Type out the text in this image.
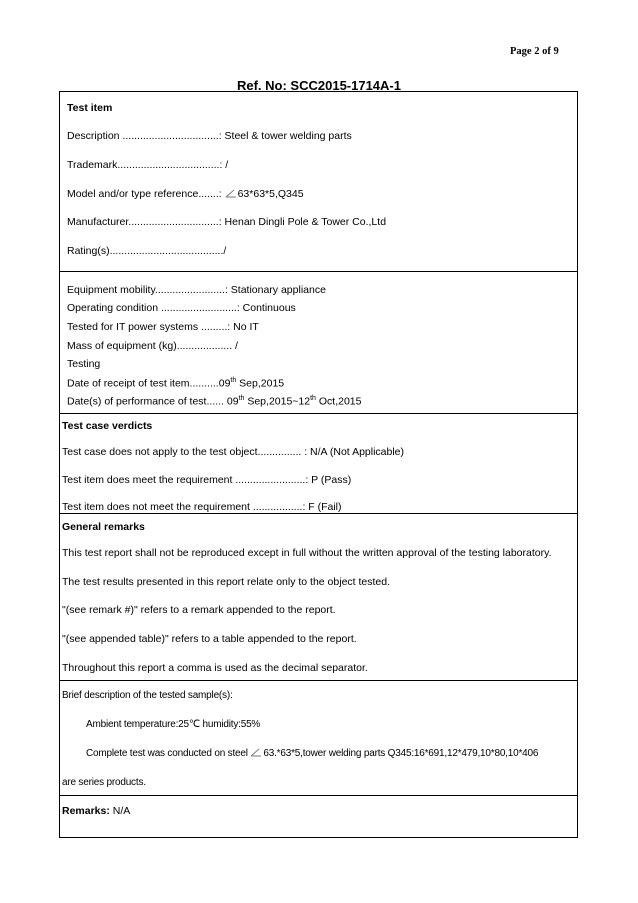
Page 2 of 9
Ref. No: SCC2015-1714A-1
Test item
Description .................................: Steel & tower welding parts
Trademark...................................: /
Model and/or type reference.......:
63*63*5,Q345
Manufacturer...............................: Henan Dingli Pole & Tower Co.,Ltd
Rating(s)......................................./
Equipment mobility........................: Stationary appliance
Operating condition ..........................: Continuous
Tested for IT power systems .........: No IT
Mass of equipment (kg)................... /
Testing
Date of receipt of test item..........09th Sep,2015
Date(s) of performance of test...... 09th Sep,2015~12th Oct,2015
Test case verdicts
Test case does not apply to the test object............... : N/A (Not Applicable)
Test item does meet the requirement ........................: P (Pass)
Test item does not meet the requirement .................: F (Fail)
General remarks
This test report shall not be reproduced except in full without the written approval of the testing laboratory.
The test results presented in this report relate only to the object tested.
"(see remark #)" refers to a remark appended to the report.
"(see appended table)" refers to a table appended to the report.
Throughout this report a comma is used as the decimal separator.
Brief description of the tested sample(s):
Ambient temperature:25℃ humidity:55%
Complete test was conducted on steel
63.*63*5,tower welding parts Q345:16*691,12*479,10*80,10*406
are series products.
Remarks: N/A
